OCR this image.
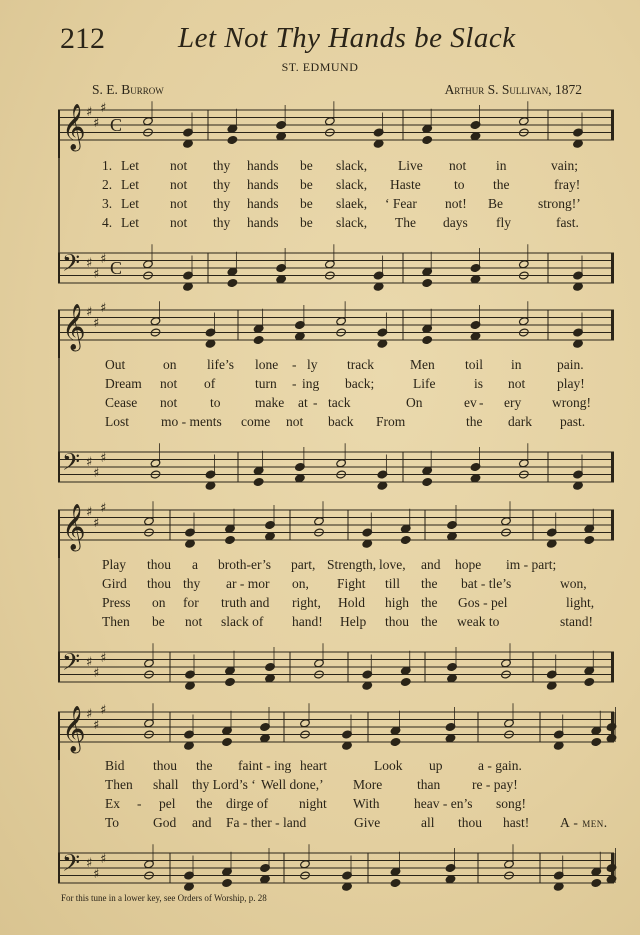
212	Let Not Thy Hands be Slack
ST. EDMUND
S. E. Burrow	Arthur S. Sullivan, 1872
𝄞 ♯
♯
♯
C
𝄢 ♯
♯
♯ C
𝄞 ♯
♯
♯
𝄢 ♯
♯
♯
𝄞 ♯
♯
♯
𝄢 ♯
♯
♯
𝄞 ♯
♯
♯
𝄢 ♯
♯
♯
For this tune in a lower key, see Orders of Worship, p. 28
1. Let not thy hands be slack, Live not in	vain;
2. Let not thy hands be slack, Haste to the	fray!
3. Let not thy hands be slaek, ‘ Fear not! Be	strong!’
4. Let not thy hands be slack, The days fly	fast.
Out	on life’s lone - ly track	Men toil in	pain.
Dream not of	turn - ing back;	Life	is not play!
Cease not to	make at - tack	On	ev - ery wrong!
Lost mo - ments come not back From	the dark past.
Play thou a broth-er’s part, Strength, love, and hope im - part;
Gird thou thy ar - mor on, Fight till the bat - tle’s	won,
Press on for truth and right, Hold high the Gos - pel	light,
Then be not slack of hand! Help thou the weak to	stand!
Bid thou the faint - ing heart	Look up	a - gain.
Then shall thy Lord’s ‘ Well done,’ More	than re - pay!
Ex - pel the dirge of night With	heav - en’s song!
To	God and Fa - ther - land	Give	all thou hast! A - men.
